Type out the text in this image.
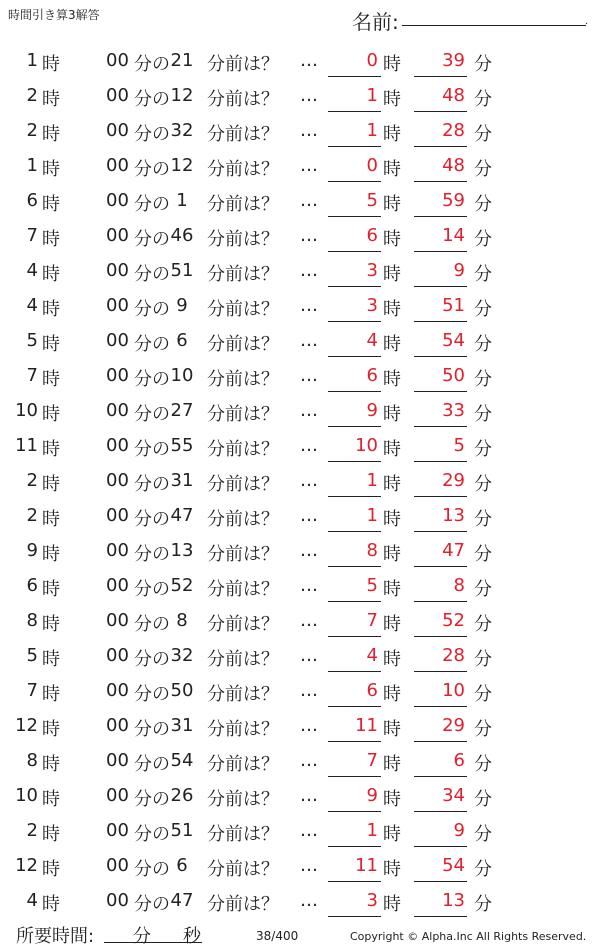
時間引き算3解答	名前:	.
1 時	00 分の 21 分前は？ …	0 時	39 分
2 時	00 分の 12 分前は？ …	1 時	48 分
2 時	00 分の 32 分前は？ …	1 時	28 分
1 時	00 分の 12 分前は？ …	0 時	48 分
6 時	00 分の 1	分前は？ …	5 時	59 分
7 時	00 分の 46 分前は？ …	6 時	14 分
4 時	00 分の 51 分前は？ …	3 時	9 分
4 時	00 分の 9	分前は？ …	3 時	51 分
5 時	00 分の 6	分前は？ …	4 時	54 分
7 時	00 分の 10 分前は？ …	6 時	50 分
10 時	00 分の 27 分前は？ …	9 時	33 分
11 時	00 分の 55 分前は？ …	10 時	5 分
2 時	00 分の 31 分前は？ …	1 時	29 分
2 時	00 分の 47 分前は？ …	1 時	13 分
9 時	00 分の 13 分前は？ …	8 時	47 分
6 時	00 分の 52 分前は？ …	5 時	8 分
8 時	00 分の 8	分前は？ …	7 時	52 分
5 時	00 分の 32 分前は？ …	4 時	28 分
7 時	00 分の 50 分前は？ …	6 時	10 分
12 時	00 分の 31 分前は？ …	11 時	29 分
8 時	00 分の 54 分前は？ …	7 時	6 分
10 時	00 分の 26 分前は？ …	9 時	34 分
2 時	00 分の 51 分前は？ …	1 時	9 分
12 時	00 分の 6	分前は？ …	11 時	54 分
4 時	00 分の 47 分前は？ …	3 時	13 分
所要時間: 分 秒	38/400	Copyright © Alpha.Inc All Rights Reserved.
